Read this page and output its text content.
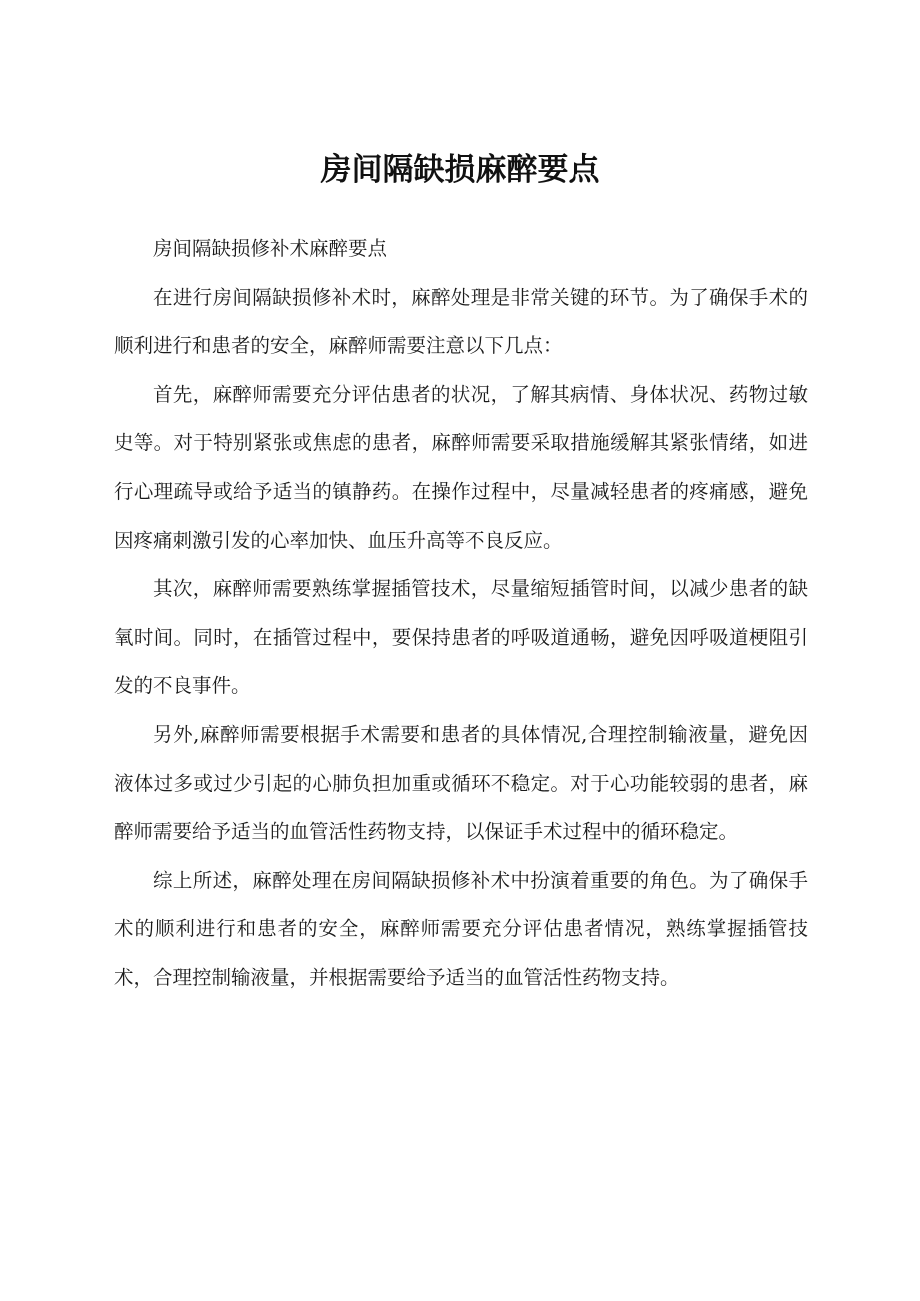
房间隔缺损麻醉要点

房间隔缺损修补术麻醉要点

在进行房间隔缺损修补术时，麻醉处理是非常关键的环节。为了确保手术的顺利进行和患者的安全，麻醉师需要注意以下几点：

首先，麻醉师需要充分评估患者的状况，了解其病情、身体状况、药物过敏史等。对于特别紧张或焦虑的患者，麻醉师需要采取措施缓解其紧张情绪，如进行心理疏导或给予适当的镇静药。在操作过程中，尽量减轻患者的疼痛感，避免因疼痛刺激引发的心率加快、血压升高等不良反应。

其次，麻醉师需要熟练掌握插管技术，尽量缩短插管时间，以减少患者的缺氧时间。同时，在插管过程中，要保持患者的呼吸道通畅，避免因呼吸道梗阻引发的不良事件。

另外,麻醉师需要根据手术需要和患者的具体情况,合理控制输液量，避免因液体过多或过少引起的心肺负担加重或循环不稳定。对于心功能较弱的患者，麻醉师需要给予适当的血管活性药物支持，以保证手术过程中的循环稳定。

综上所述，麻醉处理在房间隔缺损修补术中扮演着重要的角色。为了确保手术的顺利进行和患者的安全，麻醉师需要充分评估患者情况，熟练掌握插管技术，合理控制输液量，并根据需要给予适当的血管活性药物支持。
